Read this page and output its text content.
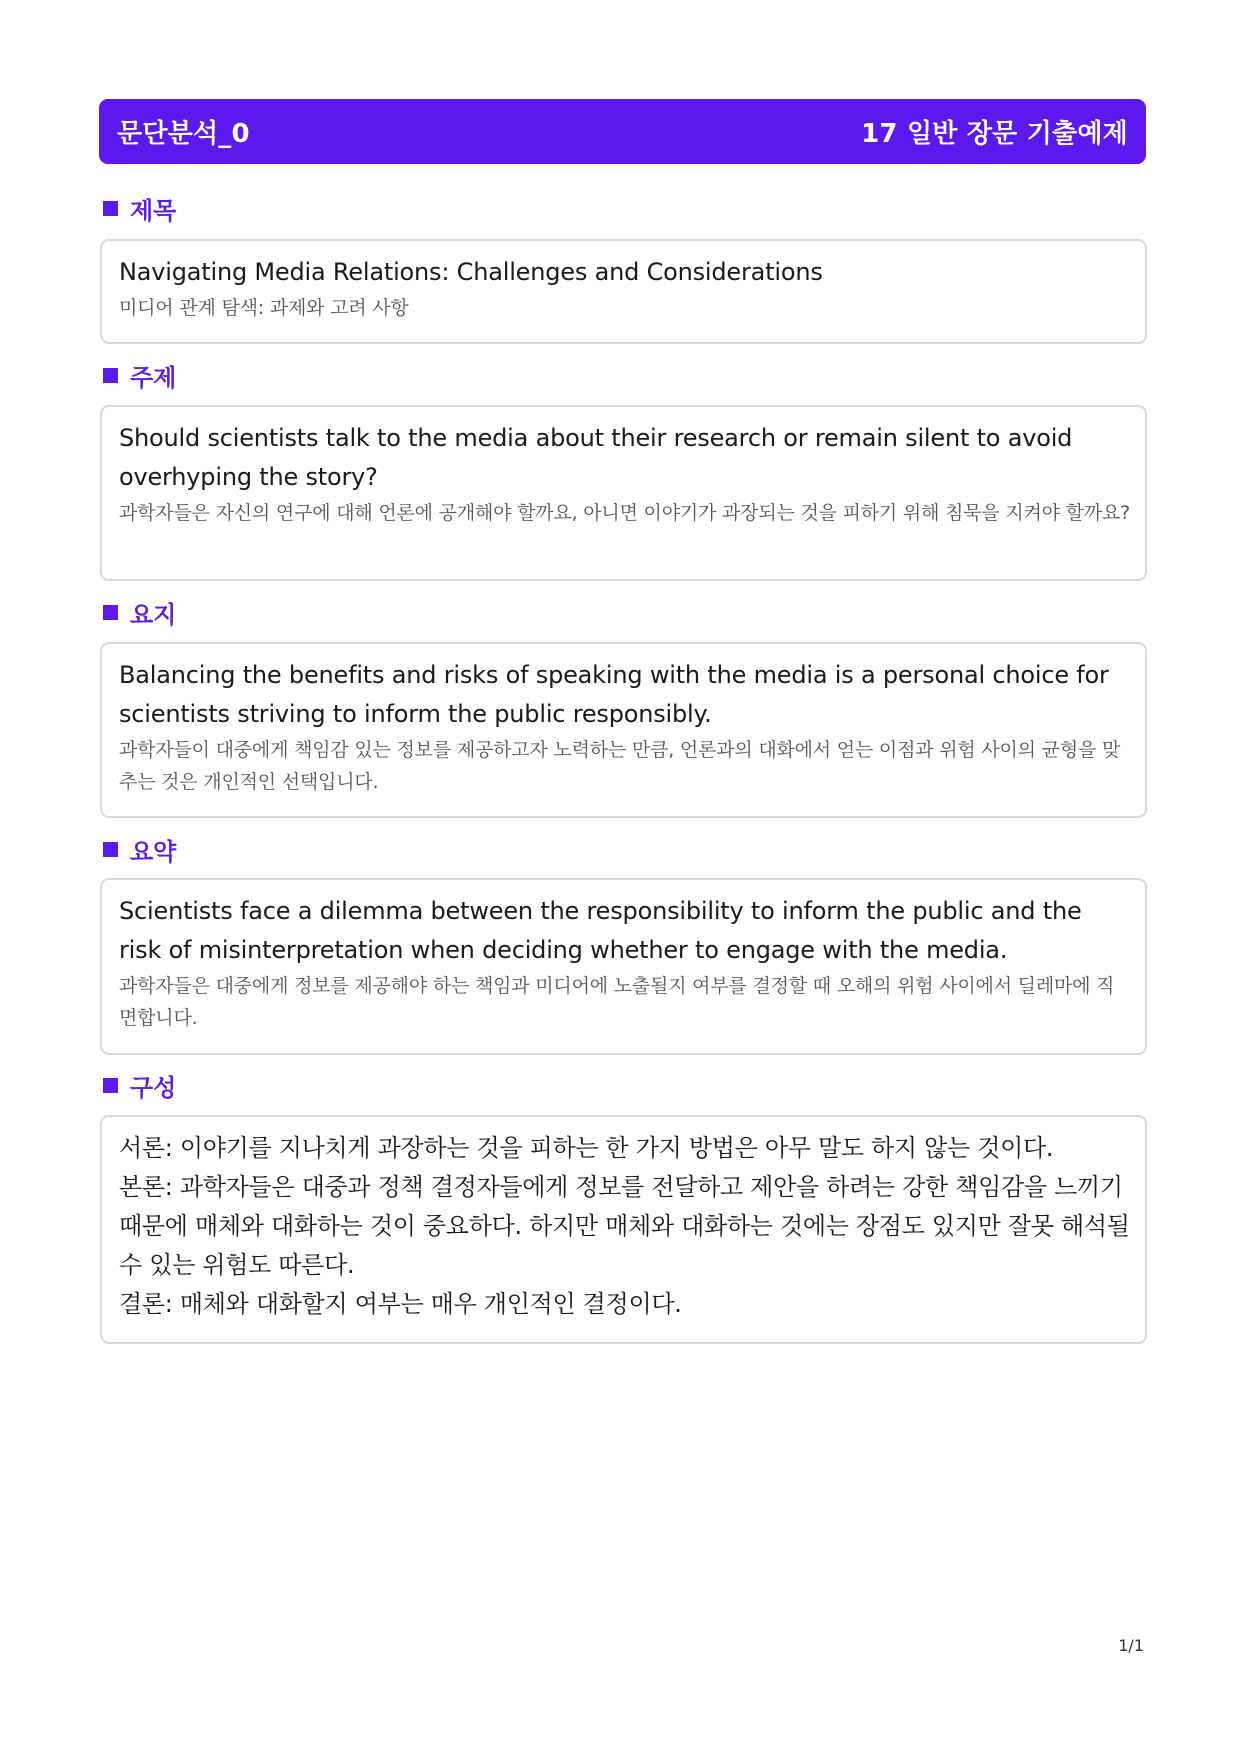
문단분석_0	17 일반 장문 기출예제
제목
Navigating Media Relations: Challenges and Considerations
미디어 관계 탐색: 과제와 고려 사항
주제
Should scientists talk to the media about their research or remain silent to avoid overhyping the story?
과학자들은 자신의 연구에 대해 언론에 공개해야 할까요, 아니면 이야기가 과장되는 것을 피하기 위해 침묵을 지켜야 할까요?
요지
Balancing the benefits and risks of speaking with the media is a personal choice for scientists striving to inform the public responsibly.
과학자들이 대중에게 책임감 있는 정보를 제공하고자 노력하는 만큼, 언론과의 대화에서 얻는 이점과 위험 사이의 균형을 맞추는 것은 개인적인 선택입니다.
요약
Scientists face a dilemma between the responsibility to inform the public and the risk of misinterpretation when deciding whether to engage with the media.
과학자들은 대중에게 정보를 제공해야 하는 책임과 미디어에 노출될지 여부를 결정할 때 오해의 위험 사이에서 딜레마에 직면합니다.
구성
서론: 이야기를 지나치게 과장하는 것을 피하는 한 가지 방법은 아무 말도 하지 않는 것이다.
본론: 과학자들은 대중과 정책 결정자들에게 정보를 전달하고 제안을 하려는 강한 책임감을 느끼기 때문에 매체와 대화하는 것이 중요하다. 하지만 매체와 대화하는 것에는 장점도 있지만 잘못 해석될 수 있는 위험도 따른다.
결론: 매체와 대화할지 여부는 매우 개인적인 결정이다.
1/1
